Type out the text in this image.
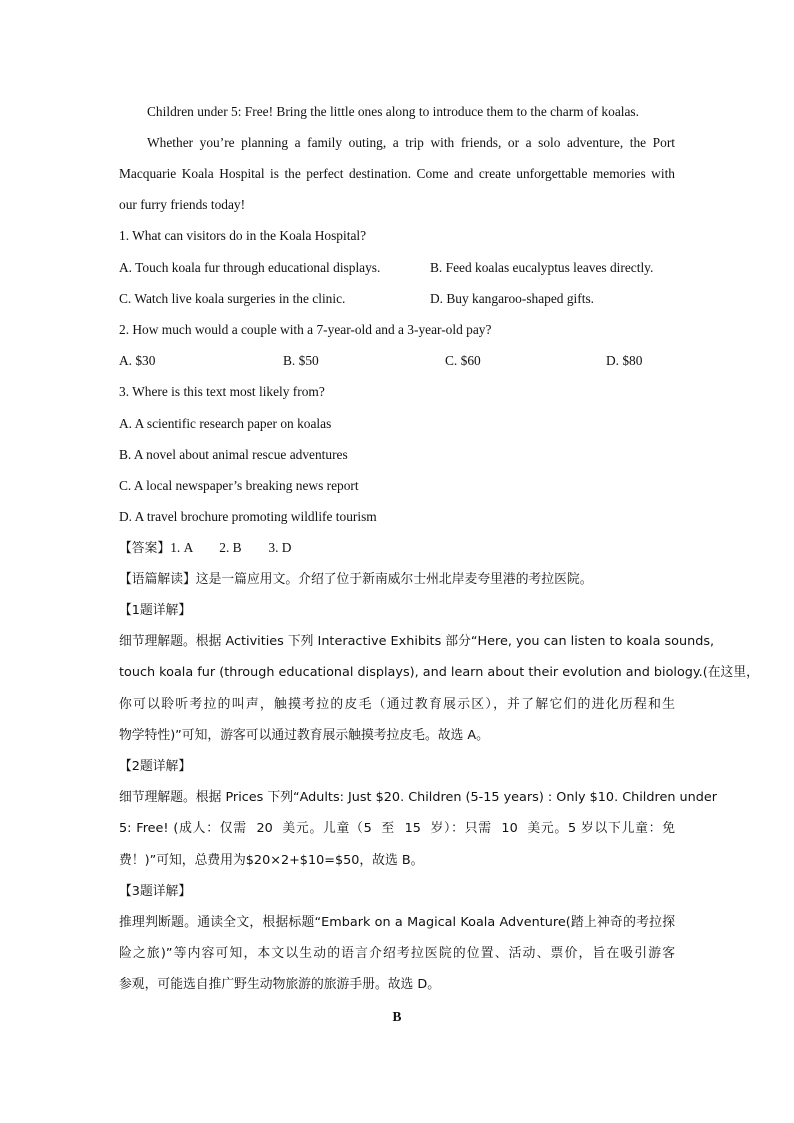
Children under 5: Free! Bring the little ones along to introduce them to the charm of koalas.
Whether you’re planning a family outing, a trip with friends, or a solo adventure, the Port
Macquarie Koala Hospital is the perfect destination. Come and create unforgettable memories with
our furry friends today!
1. What can visitors do in the Koala Hospital?
A. Touch koala fur through educational displays.	B. Feed koalas eucalyptus leaves directly.
C. Watch live koala surgeries in the clinic.	D. Buy kangaroo-shaped gifts.
2. How much would a couple with a 7-year-old and a 3-year-old pay?
A. $30	B. $50	C. $60	D. $80
3. Where is this text most likely from?
A. A scientific research paper on koalas
B. A novel about animal rescue adventures
C. A local newspaper’s breaking news report
D. A travel brochure promoting wildlife tourism
【答案】1. A        2. B        3. D
【语篇解读】这是一篇应用文。介绍了位于新南威尔士州北岸麦夸里港的考拉医院。
【1题详解】
细节理解题。根据 Activities 下列 Interactive Exhibits 部分“Here, you can listen to koala sounds,
touch koala fur (through educational displays), and learn about their evolution and biology.(在这里，
你可以聆听考拉的叫声，触摸考拉的皮毛（通过教育展示区），并了解它们的进化历程和生
物学特性)”可知，游客可以通过教育展示触摸考拉皮毛。故选 A。
【2题详解】
细节理解题。根据 Prices 下列“Adults: Just $20. Children (5-15 years) : Only $10. Children under
5: Free! (成人：仅需  20  美元。儿童（5  至  15  岁）：只需  10  美元。5 岁以下儿童：免
费！)”可知，总费用为$20×2+$10=$50，故选 B。
【3题详解】
推理判断题。通读全文，根据标题“Embark on a Magical Koala Adventure(踏上神奇的考拉探
险之旅)”等内容可知，本文以生动的语言介绍考拉医院的位置、活动、票价，旨在吸引游客
参观，可能选自推广野生动物旅游的旅游手册。故选 D。
B
